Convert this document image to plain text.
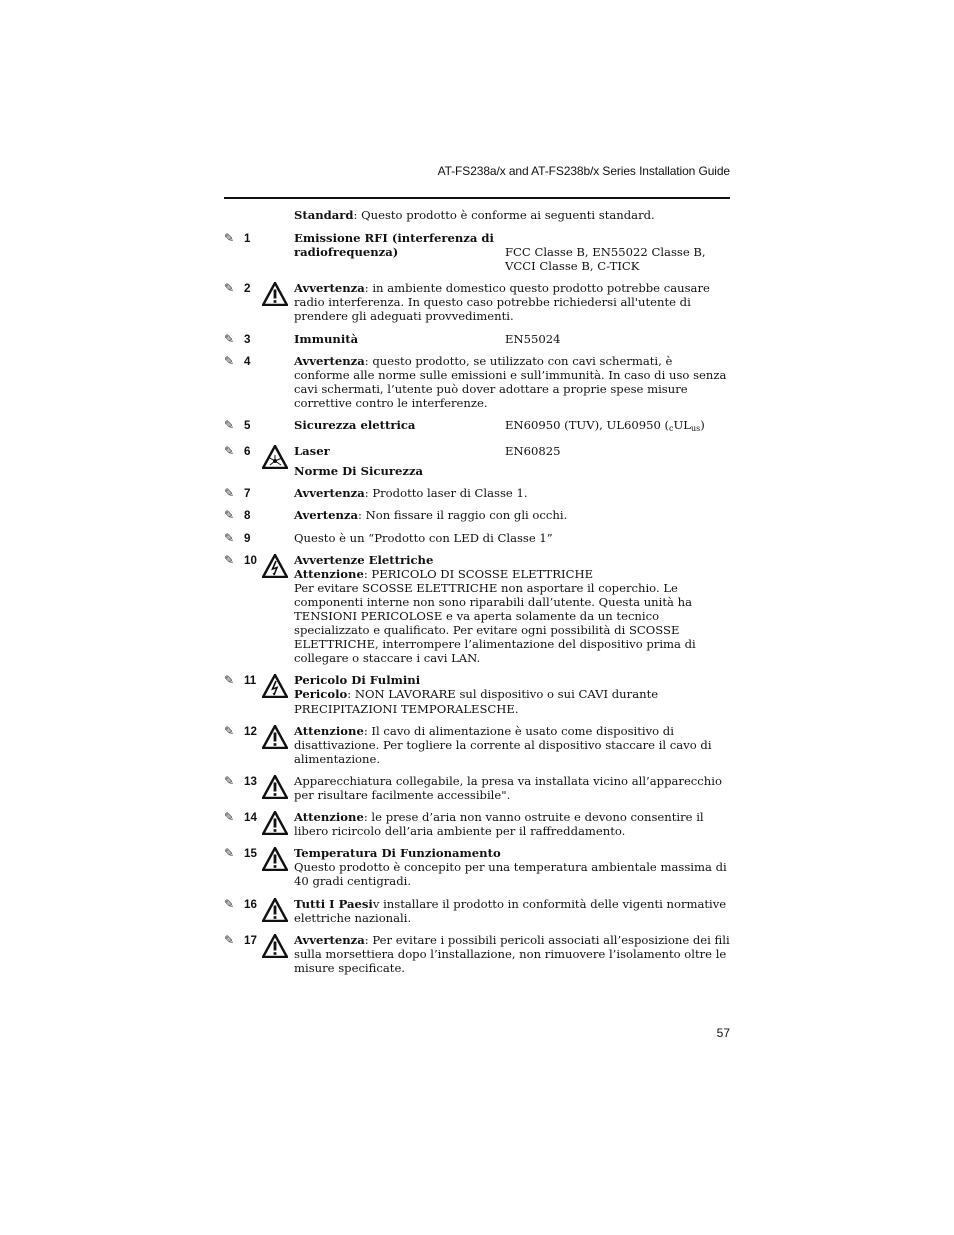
AT-FS238a/x and AT-FS238b/x Series Installation Guide
Standard: Questo prodotto è conforme ai seguenti standard.
✎ 1	Emissione RFI (interferenza di radiofrequenza)	FCC Classe B, EN55022 Classe B,
VCCI Classe B, C-TICK
✎ 2	Avvertenza: in ambiente domestico questo prodotto potrebbe causare radio interferenza. In questo caso potrebbe richiedersi all'utente di prendere gli adeguati provvedimenti.
✎ 3	Immunità	EN55024
✎ 4	Avvertenza: questo prodotto, se utilizzato con cavi schermati, è conforme alle norme sulle emissioni e sull’immunità. In caso di uso senza cavi schermati, l’utente può dover adottare a proprie spese misure correttive contro le interferenze.
✎ 5	Sicurezza elettrica	EN60950 (TUV), UL60950 $(_cUL_{us})$
✎ 6	Laser	EN60825
Norme Di Sicurezza
✎ 7	Avvertenza: Prodotto laser di Classe 1.
✎ 8	Avertenza: Non fissare il raggio con gli occhi.
✎ 9	Questo è un “Prodotto con LED di Classe 1”
✎ 10	Avvertenze Elettriche
Attenzione: PERICOLO DI SCOSSE ELETTRICHE
Per evitare SCOSSE ELETTRICHE non asportare il coperchio. Le componenti interne non sono riparabili dall’utente. Questa unità ha TENSIONI PERICOLOSE e va aperta solamente da un tecnico specializzato e qualificato. Per evitare ogni possibilità di SCOSSE ELETTRICHE, interrompere l’alimentazione del dispositivo prima di collegare o staccare i cavi LAN.
✎ 11	Pericolo Di Fulmini
Pericolo: NON LAVORARE sul dispositivo o sui CAVI durante PRECIPITAZIONI TEMPORALESCHE.
✎ 12	Attenzione: Il cavo di alimentazione è usato come dispositivo di disattivazione. Per togliere la corrente al dispositivo staccare il cavo di alimentazione.
✎ 13	Apparecchiatura collegabile, la presa va installata vicino all’apparecchio per risultare facilmente accessibile".
✎ 14	Attenzione: le prese d’aria non vanno ostruite e devono consentire il libero ricircolo dell’aria ambiente per il raffreddamento.
✎ 15	Temperatura Di Funzionamento
Questo prodotto è concepito per una temperatura ambientale massima di 40 gradi centigradi.
✎ 16	Tutti I Paesiv installare il prodotto in conformità delle vigenti normative elettriche nazionali.
✎ 17	Avvertenza: Per evitare i possibili pericoli associati all’esposizione dei fili sulla morsettiera dopo l’installazione, non rimuovere l’isolamento oltre le misure specificate.
57
